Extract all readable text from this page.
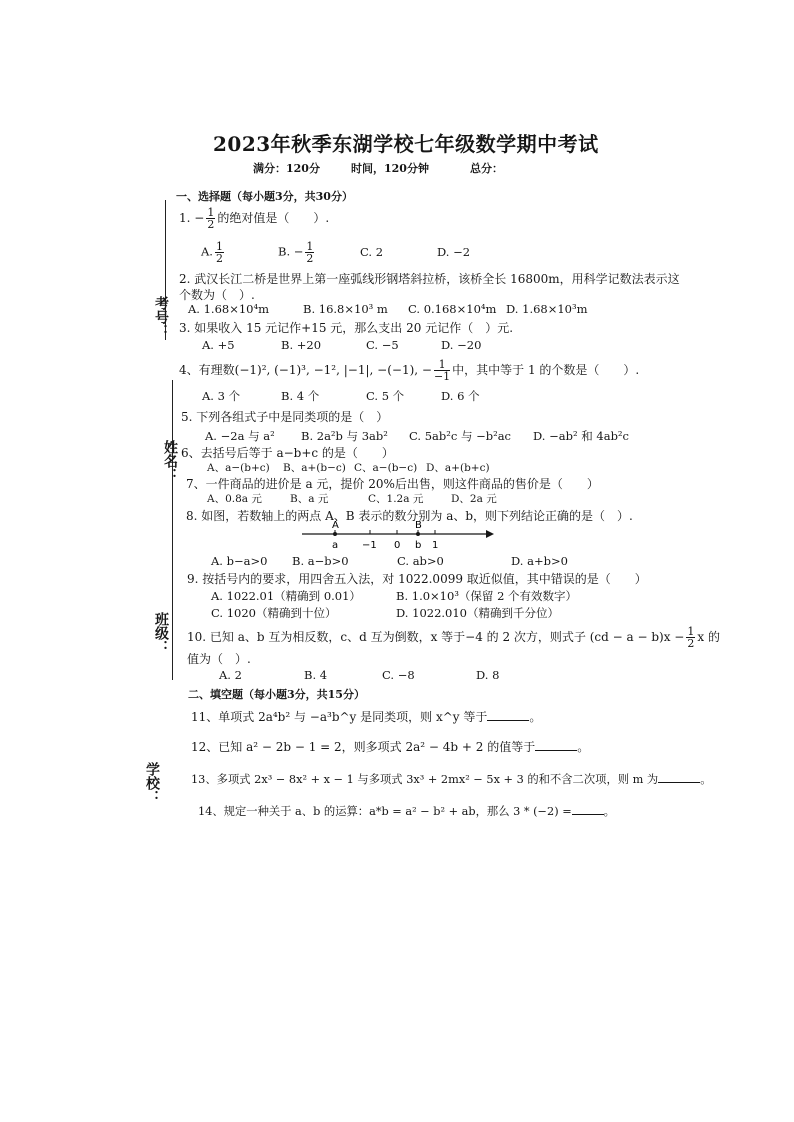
2023年秋季东湖学校七年级数学期中考试
满分：120分	时间，120分钟	总分：
考号：
姓名：
班级：
学校：
一、选择题（每小题3分，共30分）
1. − $\frac{1}{2}$ 的绝对值是（　　）.
A. $\frac{1}{2}$	B. − $\frac{1}{2}$	C. 2	D. −2
2. 武汉长江二桥是世界上第一座弧线形钢塔斜拉桥，该桥全长 16800m，用科学记数法表示这
个数为（　）.
A. 1.68×10⁴m	B. 16.8×10³ m C. 0.168×10⁴m D. 1.68×10³m
3. 如果收入 15 元记作+15 元，那么支出 20 元记作（　）元.
A. +5	B. +20	C. −5	D. −20
4、有理数(−1)², (−1)³, −1², |−1|, −(−1), − $\frac{1}{-1}$ 中，其中等于 1 的个数是（　　）.
A. 3 个	B. 4 个	C. 5 个	D. 6 个
5. 下列各组式子中是同类项的是（　）
A. −2a 与 a² B. 2a²b 与 3ab² C. 5ab²c 与 −b²ac D. −ab² 和 4ab²c
6、去括号后等于 a−b+c 的是（　　）
A、a−(b+c) B、a+(b−c) C、a−(b−c) D、a+(b+c)
7、一件商品的进价是 a 元，提价 20%后出售，则这件商品的售价是（　　）
A、0.8a 元	B、a 元	C、1.2a 元	D、2a 元
8. 如图，若数轴上的两点 A、B 表示的数分别为 a、b，则下列结论正确的是（　）.
A	B
a −1 0 b 1
A. b−a>0 B. a−b>0	C. ab>0	D. a+b>0
9. 按括号内的要求，用四舍五入法，对 1022.0099 取近似值，其中错误的是（　　）
A. 1022.01（精确到 0.01）	B. 1.0×10³（保留 2 个有效数字）
C. 1020（精确到十位）	D. 1022.010（精确到千分位）
10. 已知 a、b 互为相反数，c、d 互为倒数，x 等于−4 的 2 次方，则式子 $(cd - a - b)x - \frac{1}{2}$ x 的
值为（　）.
A. 2	B. 4	C. −8	D. 8
二、填空题（每小题3分，共15分）
11、单项式 2a⁴b² 与 −a³b^y 是同类项，则 x^y 等于	。
12、已知 a² − 2b − 1 = 2，则多项式 2a² − 4b + 2 的值等于	。
13、多项式 2x³ − 8x² + x − 1 与多项式 3x³ + 2mx² − 5x + 3 的和不含二次项，则 m 为	。
14、规定一种关于 a、b 的运算：a*b = a² − b² + ab，那么 3 * (−2) =	。
